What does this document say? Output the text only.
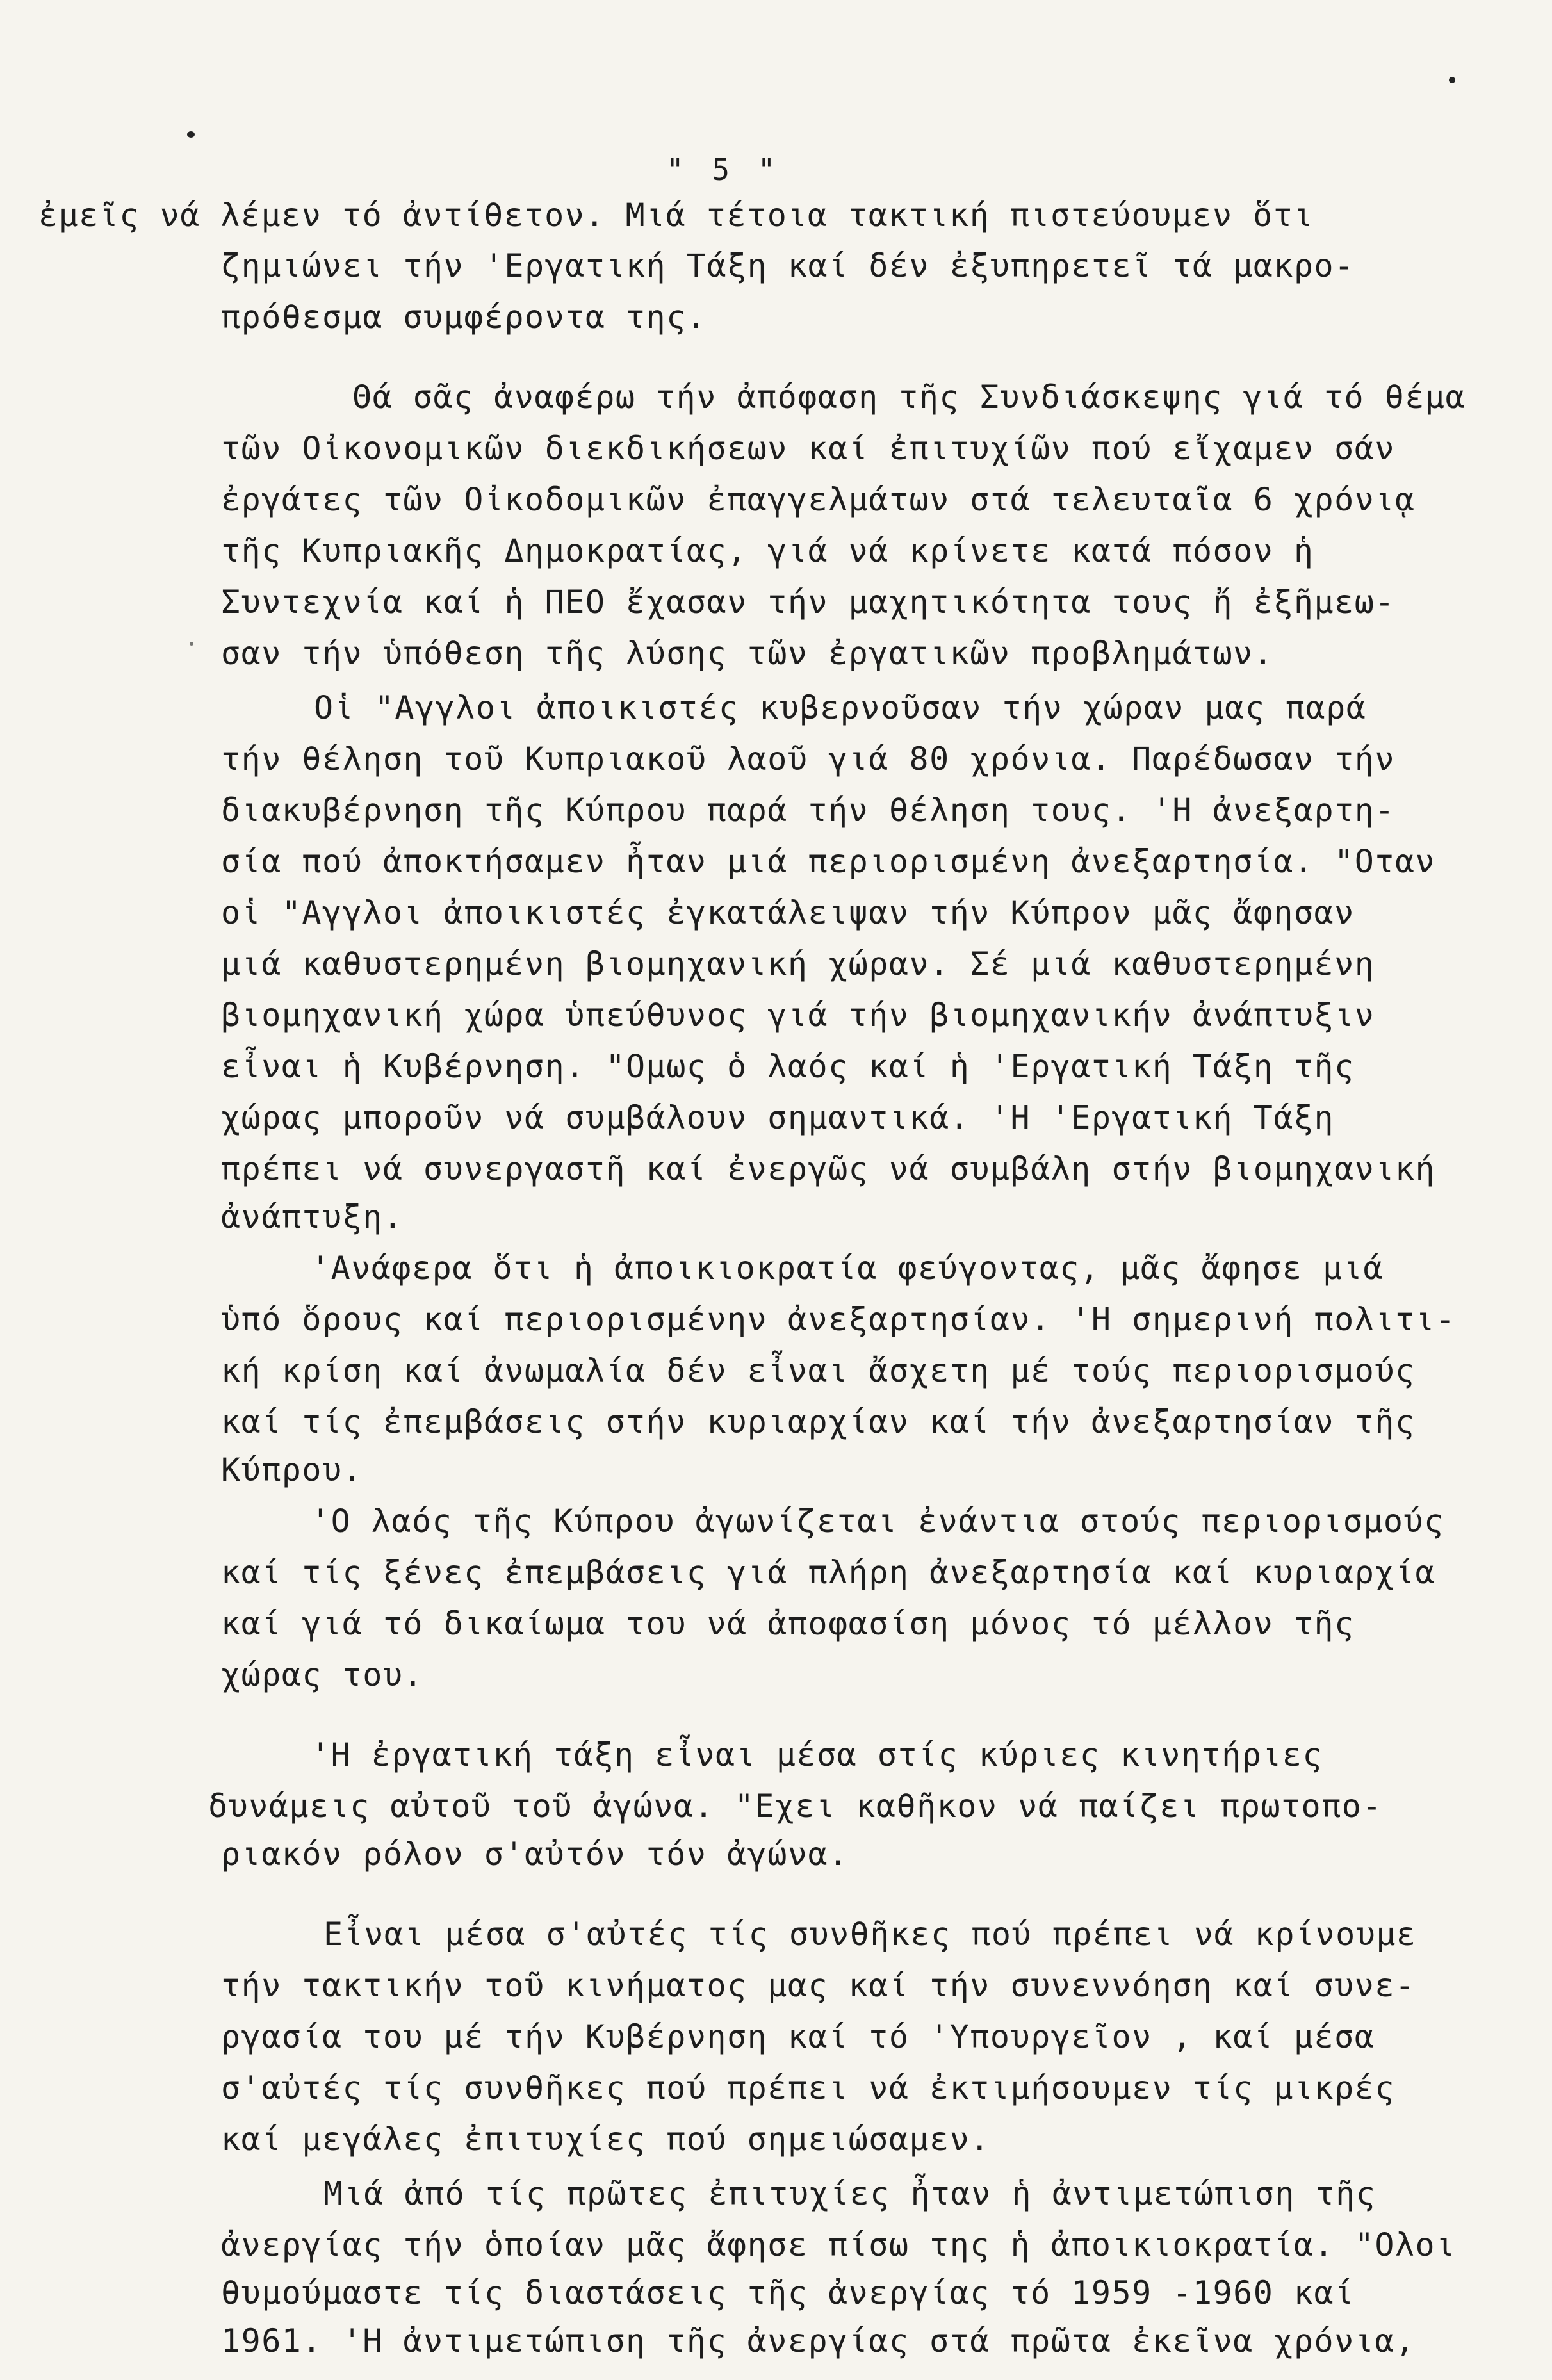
" 5 "
ἐμεῖς νά λέμεν τό ἀντίθετον. Μιά τέτοια τακτική πιστεύουμεν ὅτι
ζημιώνει τήν 'Εργατική Τάξη καί δέν ἐξυπηρετεῖ τά μακρο-
πρόθεσμα συμφέροντα της.
Θά σᾶς ἀναφέρω τήν ἀπόφαση τῆς Συνδιάσκεψης γιά τό θέμα
τῶν Οἰκονομικῶν διεκδικήσεων καί ἐπιτυχίῶν πού εἴχαμεν σάν
ἐργάτες τῶν Οἰκοδομικῶν ἐπαγγελμάτων στά τελευταῖα 6 χρόνιᾳ
τῆς Κυπριακῆς Δημοκρατίας, γιά νά κρίνετε κατά πόσον ἡ
Συντεχνία καί ἡ ΠΕΟ ἔχασαν τήν μαχητικότητα τους ἤ ἐξῆμεω-
σαν τήν ὑπόθεση τῆς λύσης τῶν ἐργατικῶν προβλημάτων.
Οἱ "Αγγλοι ἀποικιστές κυβερνοῦσαν τήν χώραν μας παρά
τήν θέληση τοῦ Κυπριακοῦ λαοῦ γιά 80 χρόνια. Παρέδωσαν τήν
διακυβέρνηση τῆς Κύπρου παρά τήν θέληση τους. 'Η ἀνεξαρτη-
σία πού ἀποκτήσαμεν ἦταν μιά περιορισμένη ἀνεξαρτησία. "Οταν
οἱ "Αγγλοι ἀποικιστές ἐγκατάλειψαν τήν Κύπρον μᾶς ἄφησαν
μιά καθυστερημένη βιομηχανική χώραν. Σέ μιά καθυστερημένη
βιομηχανική χώρα ὑπεύθυνος γιά τήν βιομηχανικήν ἀνάπτυξιν
εἶναι ἡ Κυβέρνηση. "Ομως ὁ λαός καί ἡ 'Εργατική Τάξη τῆς
χώρας μποροῦν νά συμβάλουν σημαντικά. 'Η 'Εργατική Τάξη
πρέπει νά συνεργαστῆ καί ἐνεργῶς νά συμβάλη στήν βιομηχανική
ἀνάπτυξη.
'Ανάφερα ὅτι ἡ ἀποικιοκρατία φεύγοντας, μᾶς ἄφησε μιά
ὑπό ὅρους καί περιορισμένην ἀνεξαρτησίαν. 'Η σημερινή πολιτι-
κή κρίση καί ἀνωμαλία δέν εἶναι ἄσχετη μέ τούς περιορισμούς
καί τίς ἐπεμβάσεις στήν κυριαρχίαν καί τήν ἀνεξαρτησίαν τῆς
Κύπρου.
'Ο λαός τῆς Κύπρου ἀγωνίζεται ἐνάντια στούς περιορισμούς
καί τίς ξένες ἐπεμβάσεις γιά πλήρη ἀνεξαρτησία καί κυριαρχία
καί γιά τό δικαίωμα του νά ἀποφασίση μόνος τό μέλλον τῆς
χώρας του.
'Η ἐργατική τάξη εἶναι μέσα στίς κύριες κινητήριες
δυνάμεις αὐτοῦ τοῦ ἀγώνα. "Εχει καθῆκον νά παίζει πρωτοπο-
ριακόν ρόλον σ'αὐτόν τόν ἀγώνα.
Εἶναι μέσα σ'αὐτές τίς συνθῆκες πού πρέπει νά κρίνουμε
τήν τακτικήν τοῦ κινήματος μας καί τήν συνεννόηση καί συνε-
ργασία του μέ τήν Κυβέρνηση καί τό 'Υπουργεῖον , καί μέσα
σ'αὐτές τίς συνθῆκες πού πρέπει νά ἐκτιμήσουμεν τίς μικρές
καί μεγάλες ἐπιτυχίες πού σημειώσαμεν.
Μιά ἀπό τίς πρῶτες ἐπιτυχίες ἦταν ἡ ἀντιμετώπιση τῆς
ἀνεργίας τήν ὁποίαν μᾶς ἄφησε πίσω της ἡ ἀποικιοκρατία. "Ολοι
θυμούμαστε τίς διαστάσεις τῆς ἀνεργίας τό 1959 -1960 καί
1961. 'Η ἀντιμετώπιση τῆς ἀνεργίας στά πρῶτα ἐκεῖνα χρόνια,
